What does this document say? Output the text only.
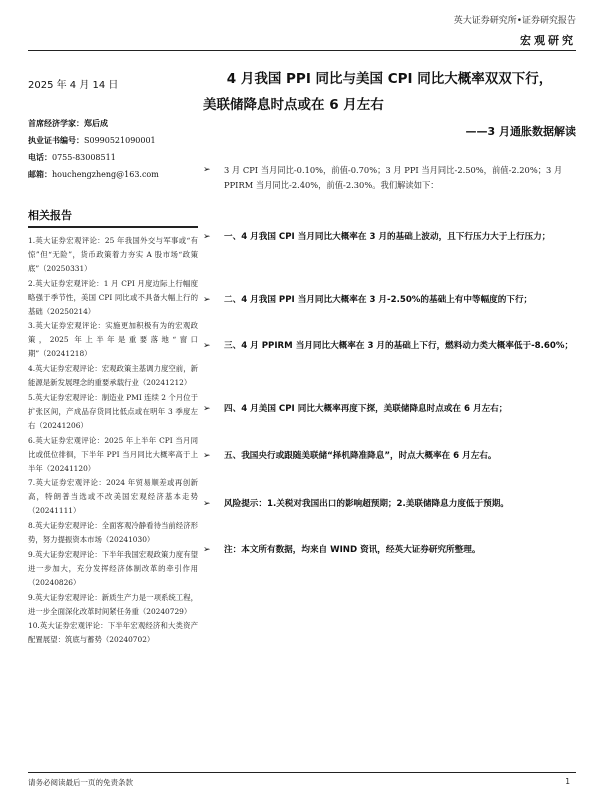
英大证券研究所•证券研究报告
宏观研究
2025 年 4 月 14 日
首席经济学家：郑后成
执业证书编号：S0990521090001
电话：0755-83008511
邮箱：houchengzheng@163.com
相关报告
1.英大证券宏观评论：25 年我国外交与军事或“有惊”但“无险”，货币政策着力夯实 A 股市场“政策底”（20250331）
2.英大证券宏观评论：1 月 CPI 月度边际上行幅度略强于季节性，美国 CPI 同比或不具备大幅上行的基础（20250214）
3.英大证券宏观评论：实施更加积极有为的宏观政策，2025 年上半年是重要落地“窗口期”（20241218）
4.英大证券宏观评论：宏观政策主基调力度空前，新能源是新发展理念的重要承载行业（20241212）
5.英大证券宏观评论：制造业 PMI 连续 2 个月位于扩张区间，产成品存货同比低点或在明年 3 季度左右（20241206）
6.英大证券宏观评论：2025 年上半年 CPI 当月同比或低位徘徊，下半年 PPI 当月同比大概率高于上半年（20241120）
7.英大证券宏观评论：2024 年贸易顺差或再创新高，特朗普当选或不改美国宏观经济基本走势（20241111）
8.英大证券宏观评论：全面客观冷静看待当前经济形势，努力提振资本市场（20241030）
9.英大证券宏观评论：下半年我国宏观政策力度有望进一步加大，充分发挥经济体制改革的牵引作用（20240826）
9.英大证券宏观评论：新质生产力是一项系统工程，进一步全面深化改革时间紧任务重（20240729）
10.英大证券宏观评论：下半年宏观经济和大类资产配置展望：筑底与蓄势（20240702）
4 月我国 PPI 同比与美国 CPI 同比大概率双双下行，
美联储降息时点或在 6 月左右
——3 月通胀数据解读
➢	3 月 CPI 当月同比-0.10%，前值-0.70%；3 月 PPI 当月同比-2.50%，前值-2.20%；3 月 PPIRM 当月同比-2.40%，前值-2.30%。我们解读如下：
➢	一、4 月我国 CPI 当月同比大概率在 3 月的基础上波动，且下行压力大于上行压力；
➢	二、4 月我国 PPI 当月同比大概率在 3 月-2.50%的基础上有中等幅度的下行；
➢	三、4 月 PPIRM 当月同比大概率在 3 月的基础上下行，燃料动力类大概率低于-8.60%；
➢	四、4 月美国 CPI 同比大概率再度下探，美联储降息时点或在 6 月左右；
➢	五、我国央行或跟随美联储“择机降准降息”，时点大概率在 6 月左右。
➢	风险提示：1.关税对我国出口的影响超预期；2.美联储降息力度低于预期。
➢	注：本文所有数据，均来自 WIND 资讯，经英大证券研究所整理。
请务必阅读最后一页的免责条款	1
